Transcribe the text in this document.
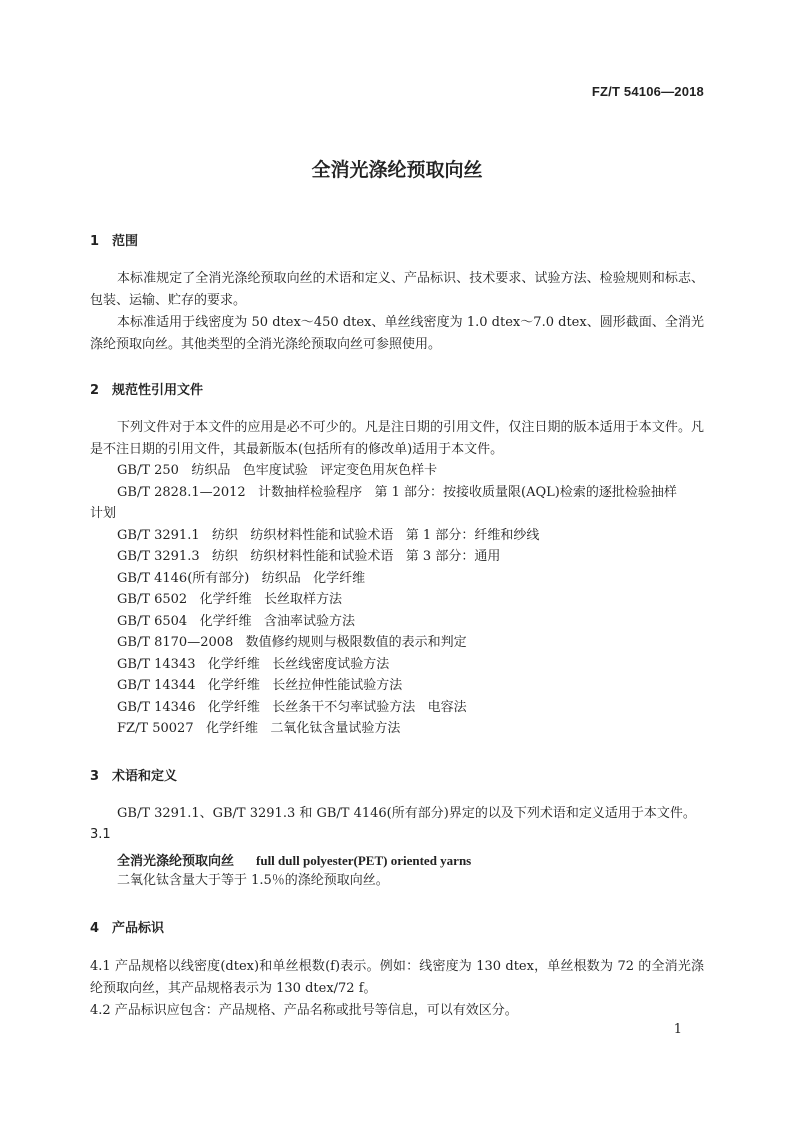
FZ/T 54106—2018
全消光涤纶预取向丝
1 范围
本标准规定了全消光涤纶预取向丝的术语和定义、产品标识、技术要求、试验方法、检验规则和标志、包装、运输、贮存的要求。
本标准适用于线密度为 50 dtex～450 dtex、单丝线密度为 1.0 dtex～7.0 dtex、圆形截面、全消光涤纶预取向丝。其他类型的全消光涤纶预取向丝可参照使用。
2 规范性引用文件
下列文件对于本文件的应用是必不可少的。凡是注日期的引用文件，仅注日期的版本适用于本文件。凡是不注日期的引用文件，其最新版本(包括所有的修改单)适用于本文件。
GB/T 250   纺织品   色牢度试验   评定变色用灰色样卡
GB/T 2828.1—2012   计数抽样检验程序   第 1 部分：按接收质量限(AQL)检索的逐批检验抽样
计划
GB/T 3291.1   纺织   纺织材料性能和试验术语   第 1 部分：纤维和纱线
GB/T 3291.3   纺织   纺织材料性能和试验术语   第 3 部分：通用
GB/T 4146(所有部分)   纺织品   化学纤维
GB/T 6502   化学纤维   长丝取样方法
GB/T 6504   化学纤维   含油率试验方法
GB/T 8170—2008   数值修约规则与极限数值的表示和判定
GB/T 14343   化学纤维   长丝线密度试验方法
GB/T 14344   化学纤维   长丝拉伸性能试验方法
GB/T 14346   化学纤维   长丝条干不匀率试验方法   电容法
FZ/T 50027   化学纤维   二氧化钛含量试验方法
3 术语和定义
GB/T 3291.1、GB/T 3291.3 和 GB/T 4146(所有部分)界定的以及下列术语和定义适用于本文件。
3.1
全消光涤纶预取向丝 full dull polyester(PET) oriented yarns
二氧化钛含量大于等于 1.5％的涤纶预取向丝。
4 产品标识
4.1 产品规格以线密度(dtex)和单丝根数(f)表示。例如：线密度为 130 dtex，单丝根数为 72 的全消光涤纶预取向丝，其产品规格表示为 130 dtex/72 f。
4.2 产品标识应包含：产品规格、产品名称或批号等信息，可以有效区分。
1
